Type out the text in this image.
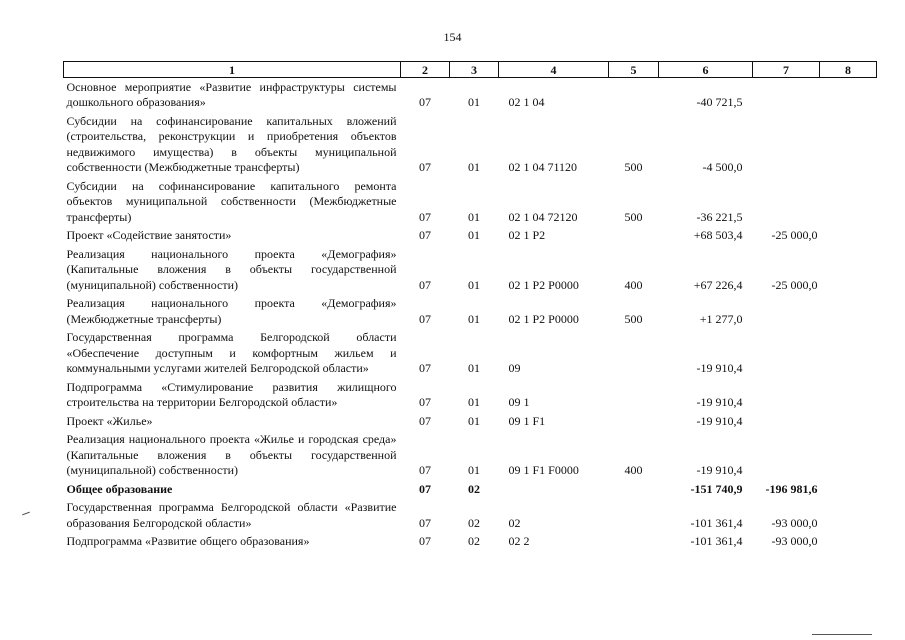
154
1	2	3	4	5	6	7	8
Основное мероприятие «Развитие инфраструктуры системы дошкольного образования»	07	01	02 1 04		-40 721,5		
Субсидии на софинансирование капитальных вложений (строительства, реконструкции и приобретения объектов недвижимого имущества) в объекты муниципальной собственности (Межбюджетные трансферты)	07	01	02 1 04 71120	500	-4 500,0		
Субсидии на софинансирование капитального ремонта объектов муниципальной собственности (Межбюджетные трансферты)	07	01	02 1 04 72120	500	-36 221,5		
Проект «Содействие занятости»	07	01	02 1 P2		+68 503,4	-25 000,0	
Реализация национального проекта «Демография» (Капитальные вложения в объекты государственной (муниципальной) собственности)	07	01	02 1 P2 P0000	400	+67 226,4	-25 000,0	
Реализация национального проекта «Демография» (Межбюджетные трансферты)	07	01	02 1 P2 P0000	500	+1 277,0		
Государственная программа Белгородской области «Обеспечение доступным и комфортным жильем и коммунальными услугами жителей Белгородской области»	07	01	09		-19 910,4		
Подпрограмма «Стимулирование развития жилищного строительства на территории Белгородской области»	07	01	09 1		-19 910,4		
Проект «Жилье»	07	01	09 1 F1		-19 910,4		
Реализация национального проекта «Жилье и городская среда» (Капитальные вложения в объекты государственной (муниципальной) собственности)	07	01	09 1 F1 F0000	400	-19 910,4		
Общее образование	07	02			-151 740,9	-196 981,6	
Государственная программа Белгородской области «Развитие образования Белгородской области»	07	02	02		-101 361,4	-93 000,0	
Подпрограмма «Развитие общего образования»	07	02	02 2		-101 361,4	-93 000,0	
